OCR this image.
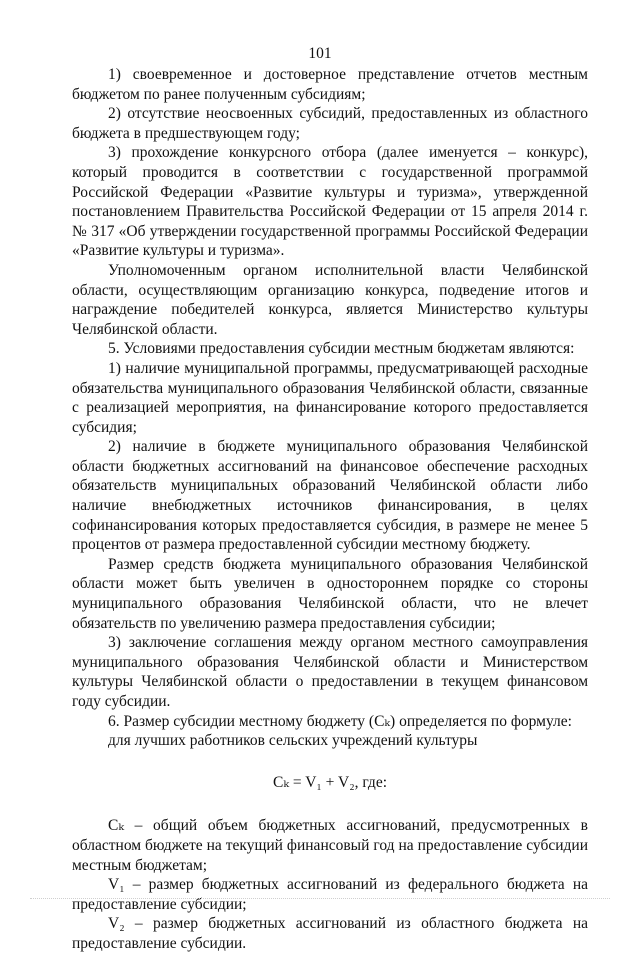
101

1) своевременное и достоверное представление отчетов местным бюджетом по ранее полученным субсидиям;

2) отсутствие неосвоенных субсидий, предоставленных из областного бюджета в предшествующем году;

3) прохождение конкурсного отбора (далее именуется – конкурс), который проводится в соответствии с государственной программой Российской Федерации «Развитие культуры и туризма», утвержденной постановлением Правительства Российской Федерации от 15 апреля 2014 г. № 317 «Об утверждении государственной программы Российской Федерации «Развитие культуры и туризма».

Уполномоченным органом исполнительной власти Челябинской области, осуществляющим организацию конкурса, подведение итогов и награждение победителей конкурса, является Министерство культуры Челябинской области.

5. Условиями предоставления субсидии местным бюджетам являются:

1) наличие муниципальной программы, предусматривающей расходные обязательства муниципального образования Челябинской области, связанные с реализацией мероприятия, на финансирование которого предоставляется субсидия;

2) наличие в бюджете муниципального образования Челябинской области бюджетных ассигнований на финансовое обеспечение расходных обязательств муниципальных образований Челябинской области либо наличие внебюджетных источников финансирования, в целях софинансирования которых предоставляется субсидия, в размере не менее 5 процентов от размера предоставленной субсидии местному бюджету.

Размер средств бюджета муниципального образования Челябинской области может быть увеличен в одностороннем порядке со стороны муниципального образования Челябинской области, что не влечет обязательств по увеличению размера предоставления субсидии;

3) заключение соглашения между органом местного самоуправления муниципального образования Челябинской области и Министерством культуры Челябинской области о предоставлении в текущем финансовом году субсидии.

6. Размер субсидии местному бюджету (Cₖ) определяется по формуле:

для лучших работников сельских учреждений культуры

Cₖ = V₁ + V₂, где:

Cₖ – общий объем бюджетных ассигнований, предусмотренных в областном бюджете на текущий финансовый год на предоставление субсидии местным бюджетам;

V₁ – размер бюджетных ассигнований из федерального бюджета на предоставление субсидии;

V₂ – размер бюджетных ассигнований из областного бюджета на предоставление субсидии.
